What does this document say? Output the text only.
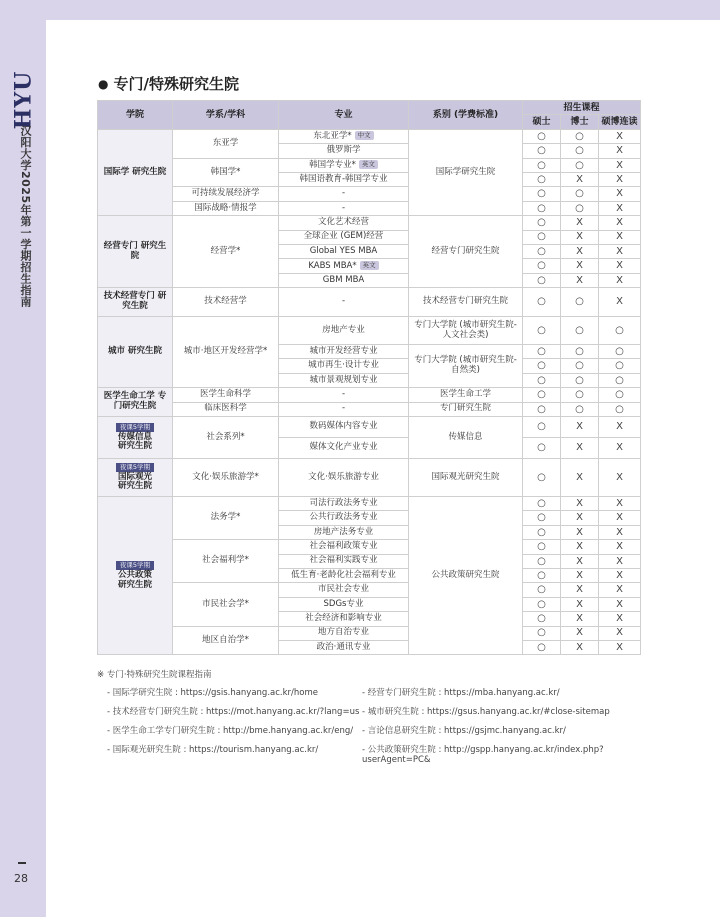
HYU
汉阳大学2025年第一学期招生指南
28
● 专门/特殊研究生院
学院	学系/学科	专业	系别 (学费标准)	招生课程		
				硕士	博士	硕博连读
国际学 研究生院	东亚学	东北亚学* 中文	国际学研究生院	○	○	X
		俄罗斯学		○	○	X
	韩国学*	韩国学专业* 英文		○	○	X
		韩国语教育-韩国学专业		○	X	X
	可持续发展经济学	-		○	○	X
	国际战略·情报学	-		○	○	X
经营专门 研究生院	经营学*	文化艺术经营	经营专门研究生院	○	X	X
		全球企业 (GEM)经营		○	X	X
		Global YES MBA		○	X	X
		KABS MBA* 英文		○	X	X
		GBM MBA		○	X	X
技术经营专门 研究生院	技术经营学	-	技术经营专门研究生院	○	○	X
城市 研究生院	城市·地区开发经营学*	房地产专业	专门大学院 (城市研究生院-人文社会类)	○	○	○
		城市开发经营专业	专门大学院 (城市研究生院-自然类)	○	○	○
		城市再生·设计专业		○	○	○
		城市景观规划专业		○	○	○
医学生命工学 专门研究生院	医学生命科学	-	医学生命工学	○	○	○
	临床医科学	-	专门研究生院	○	○	○
夜课5学期
传媒信息
研究生院	社会系列*	数码媒体内容专业	传媒信息	○	X	X
		媒体文化产业专业		○	X	X
夜课5学期
国际观光
研究生院	文化·娱乐旅游学*	文化·娱乐旅游专业	国际观光研究生院	○	X	X
夜课5学期
公共政策
研究生院	法务学*	司法行政法务专业	公共政策研究生院	○	X	X
		公共行政法务专业		○	X	X
		房地产法务专业		○	X	X
	社会福利学*	社会福利政策专业		○	X	X
		社会福利实践专业		○	X	X
		低生育·老龄化社会福利专业		○	X	X
	市民社会学*	市民社会专业		○	X	X
		SDGs专业		○	X	X
		社会经济和影响专业		○	X	X
	地区自治学*	地方自治专业		○	X	X
		政治·通讯专业		○	X	X
※ 专门·特殊研究生院课程指南
- 国际学研究生院 : https://gsis.hanyang.ac.kr/home	- 经营专门研究生院 : https://mba.hanyang.ac.kr/
- 技术经营专门研究生院 : https://mot.hanyang.ac.kr/?lang=us - 城市研究生院 : https://gsus.hanyang.ac.kr/#close-sitemap
- 医学生命工学专门研究生院 : http://bme.hanyang.ac.kr/eng/	- 言论信息研究生院 : https://gsjmc.hanyang.ac.kr/
- 国际观光研究生院 : https://tourism.hanyang.ac.kr/	- 公共政策研究生院 : http://gspp.hanyang.ac.kr/index.php?userAgent=PC&
